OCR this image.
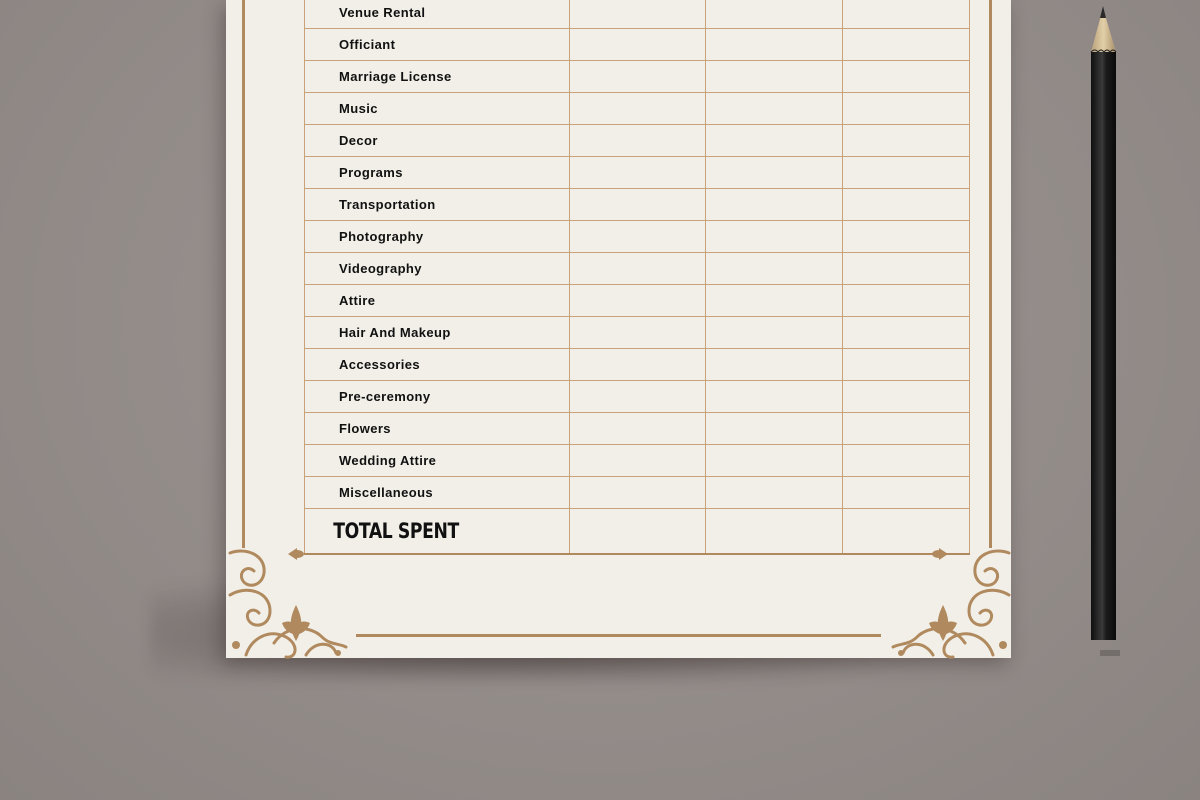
Venue Rental			
Officiant			
Marriage License			
Music			
Decor			
Programs			
Transportation			
Photography			
Videography			
Attire			
Hair And Makeup			
Accessories			
Pre-ceremony			
Flowers			
Wedding Attire			
Miscellaneous			
TOTAL SPENT			
